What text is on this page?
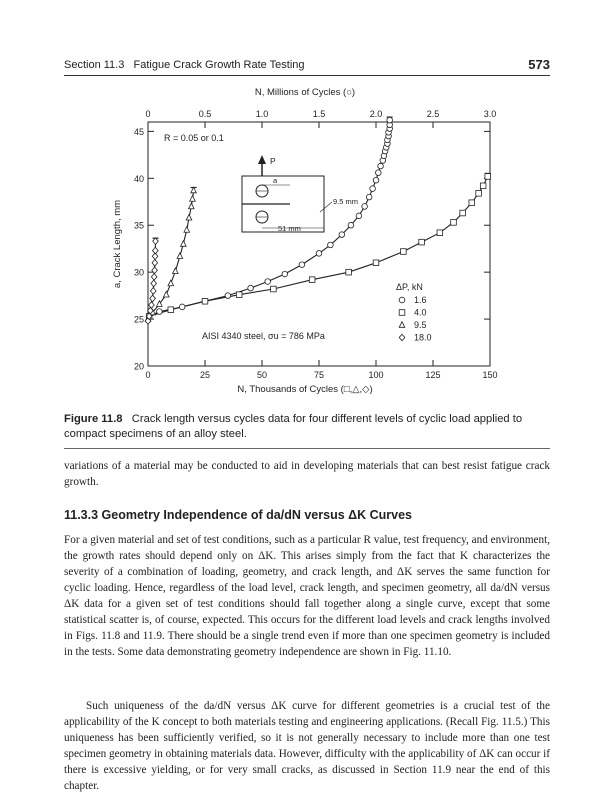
Section 11.3 Fatigue Crack Growth Rate Testing	573
N, Millions of Cycles (○)
20
25
30
35
40
45
0	25	50	75	100	125	150
0	0.5	1.0	1.5	2.0	2.5	3.0
a, Crack Length, mm
N, Thousands of Cycles (□,△,◇)
R = 0.05 or 0.1
AISI 4340 steel, σu = 786 MPa
P
a
51 mm
9.5 mm
ΔP, kN
1.6
4.0
9.5
18.0
Figure 11.8 Crack length versus cycles data for four different levels of cyclic load applied to compact specimens of an alloy steel.

variations of a material may be conducted to aid in developing materials that can best resist fatigue crack growth.

11.3.3 Geometry Independence of da/dN versus ΔK Curves

For a given material and set of test conditions, such as a particular R value, test frequency, and environment, the growth rates should depend only on ΔK. This arises simply from the fact that K characterizes the severity of a combination of loading, geometry, and crack length, and ΔK serves the same function for cyclic loading. Hence, regardless of the load level, crack length, and specimen geometry, all da/dN versus ΔK data for a given set of test conditions should fall together along a single curve, except that some statistical scatter is, of course, expected. This occurs for the different load levels and crack lengths involved in Figs. 11.8 and 11.9. There should be a single trend even if more than one specimen geometry is included in the tests. Some data demonstrating geometry independence are shown in Fig. 11.10.

Such uniqueness of the da/dN versus ΔK curve for different geometries is a crucial test of the applicability of the K concept to both materials testing and engineering applications. (Recall Fig. 11.5.) This uniqueness has been sufficiently verified, so it is not generally necessary to include more than one test specimen geometry in obtaining materials data. However, difficulty with the applicability of ΔK can occur if there is excessive yielding, or for very small cracks, as discussed in Section 11.9 near the end of this chapter.
